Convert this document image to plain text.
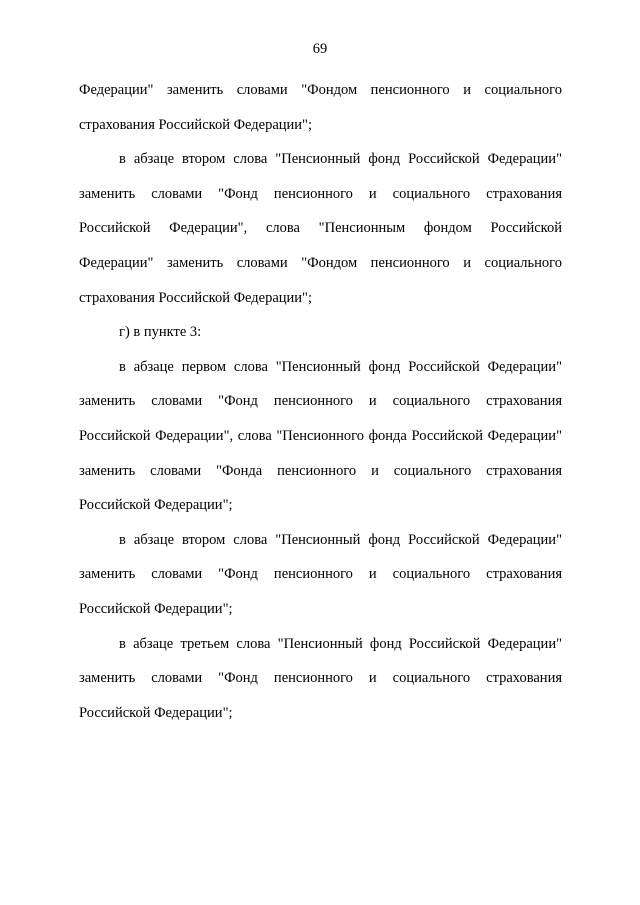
69

Федерации" заменить словами "Фондом пенсионного и социального страхования Российской Федерации";

в абзаце втором слова "Пенсионный фонд Российской Федерации" заменить словами "Фонд пенсионного и социального страхования Российской Федерации", слова "Пенсионным фондом Российской Федерации" заменить словами "Фондом пенсионного и социального страхования Российской Федерации";

г) в пункте 3:

в абзаце первом слова "Пенсионный фонд Российской Федерации" заменить словами "Фонд пенсионного и социального страхования Российской Федерации", слова "Пенсионного фонда Российской Федерации" заменить словами "Фонда пенсионного и социального страхования Российской Федерации";

в абзаце втором слова "Пенсионный фонд Российской Федерации" заменить словами "Фонд пенсионного и социального страхования Российской Федерации";

в абзаце третьем слова "Пенсионный фонд Российской Федерации" заменить словами "Фонд пенсионного и социального страхования Российской Федерации";
